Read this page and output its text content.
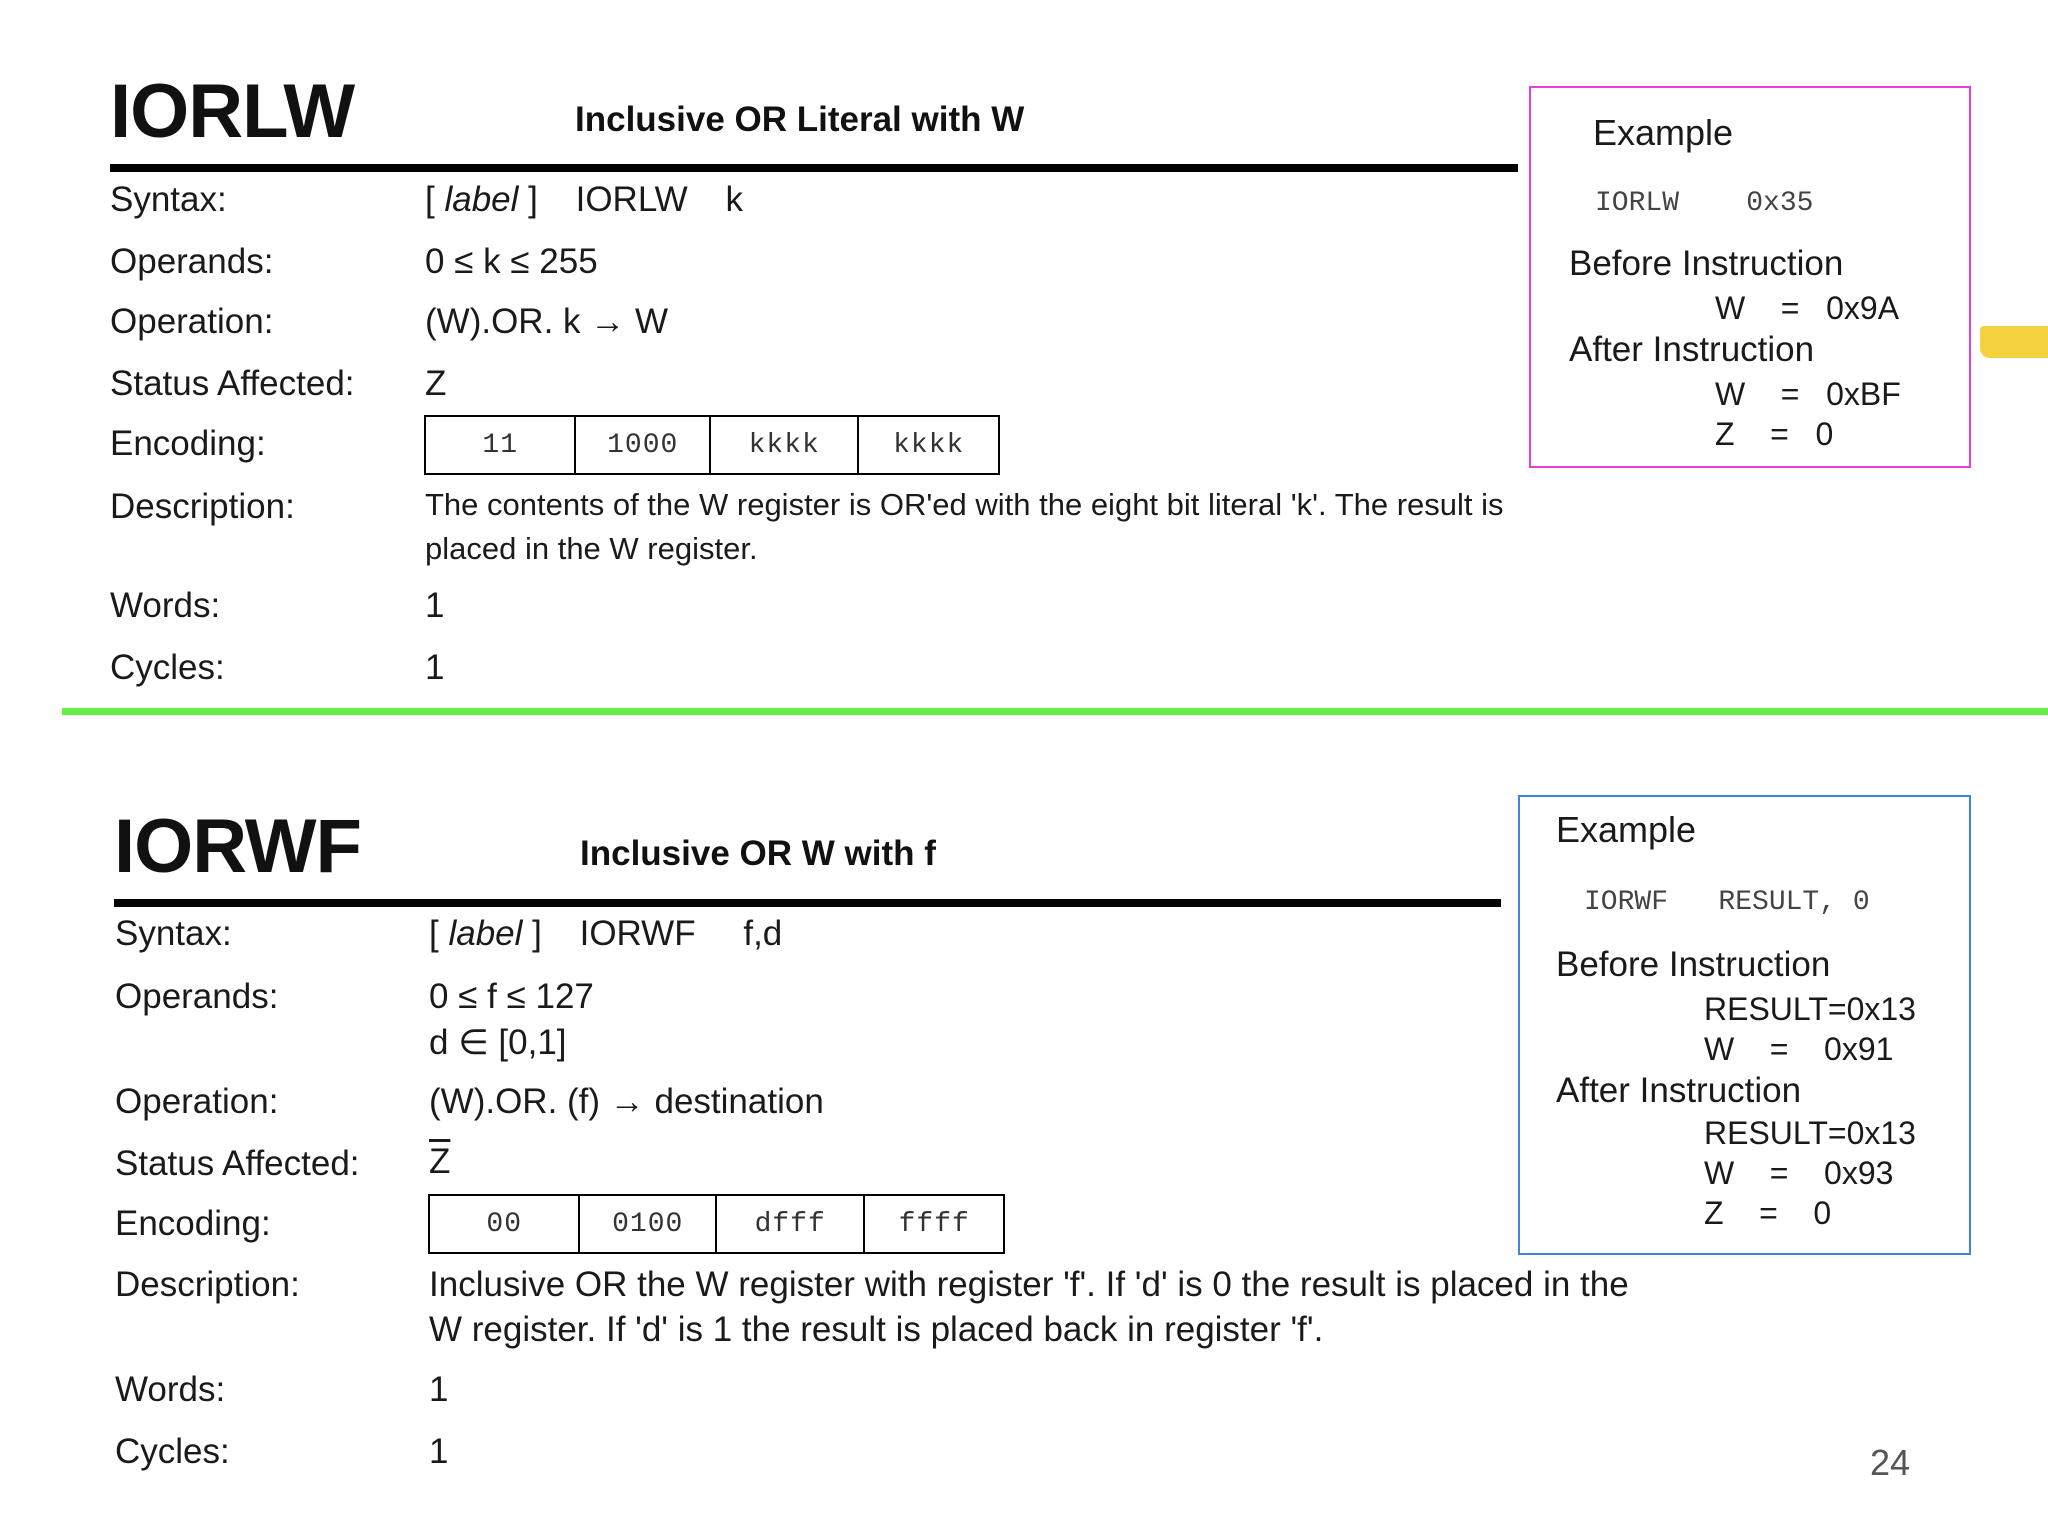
IORLW	Inclusive OR Literal with W
Syntax:	[ label ] IORLW k
Operands:	0 ≤ k ≤ 255
Operation:	(W).OR. k → W
Status Affected: Z
Encoding:	11	1000	kkkk	kkkk
Description:	The contents of the W register is OR'ed with the eight bit literal 'k'. The result is placed in the W register.
Words:	1
Cycles:	1
Example
IORLW    0x35
Before Instruction
W    =   0x9A
After Instruction
W    =   0xBF
Z    =   0
IORWF	Inclusive OR W with f
Syntax:	[ label ] IORWF f,d
Operands:	0 ≤ f ≤ 127
d ∈ [0,1]
Operation:	(W).OR. (f) → destination
Status Affected: $\overline{Z}$
Encoding:	00	0100	dfff	ffff
Description:	Inclusive OR the W register with register 'f'. If 'd' is 0 the result is placed in the W register. If 'd' is 1 the result is placed back in register 'f'.
Words:	1
Cycles:	1
Example
IORWF   RESULT, 0
Before Instruction
RESULT=0x13
W    =    0x91
After Instruction
RESULT=0x13
W    =    0x93
Z    =    0
24
